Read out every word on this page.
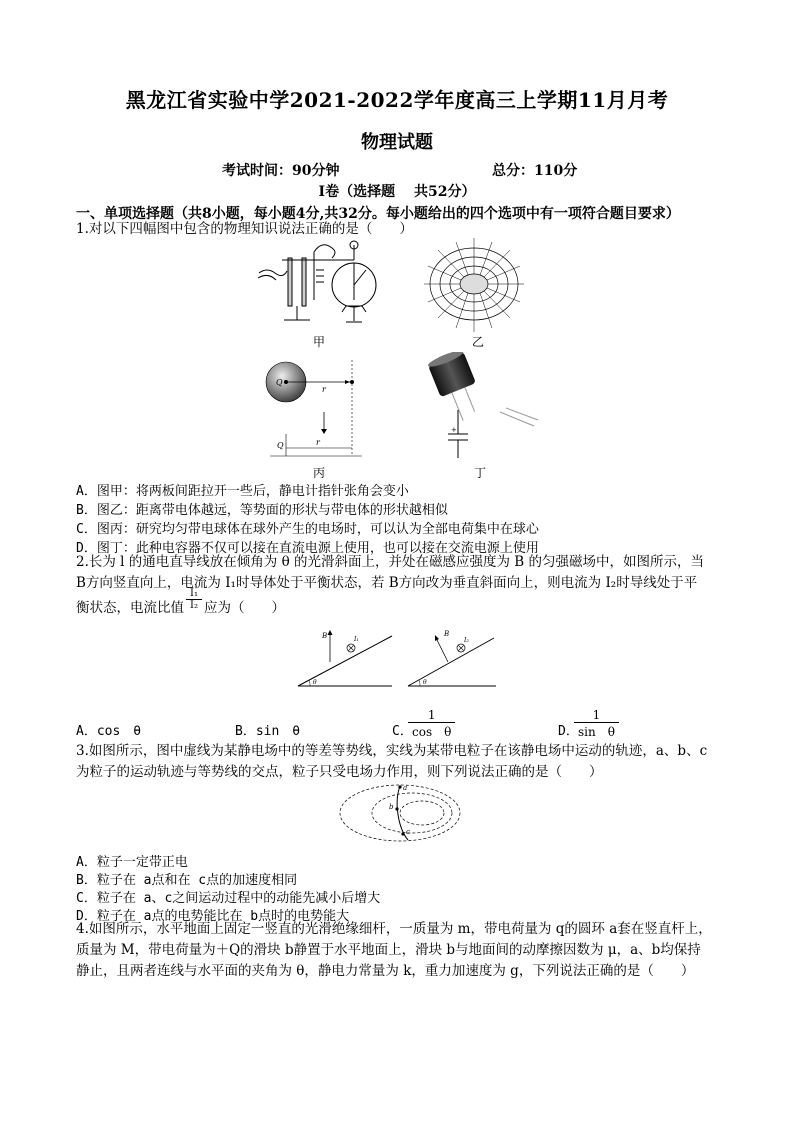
黑龙江省实验中学2021-2022学年度高三上学期11月月考
物理试题
考试时间：90分钟	总分：110分
I卷（选择题　 共52分）
一、单项选择题（共8小题，每小题4分,共32分。每小题给出的四个选项中有一项符合题目要求）
1.对以下四幅图中包含的物理知识说法正确的是（　　）
甲	乙
Q
r
Q	r
丙
+
丁
A．图甲：将两板间距拉开一些后，静电计指针张角会变小
B．图乙：距离带电体越远，等势面的形状与带电体的形状越相似
C．图丙：研究均匀带电球体在球外产生的电场时，可以认为全部电荷集中在球心
D．图丁：此种电容器不仅可以接在直流电源上使用，也可以接在交流电源上使用
2.长为 l 的通电直导线放在倾角为 θ 的光滑斜面上，并处在磁感应强度为 B 的匀强磁场中，如图所示，当
B方向竖直向上，电流为 I₁时导体处于平衡状态，若 B方向改为垂直斜面向上，则电流为 I₂时导线处于平
衡状态，电流比值 $\frac{\text{I₁}}{\text{I₂}}$ 应为（　　）
B	I₁
θ
B
I₂
θ
A．cos　θ	B．sin　θ	C．
$\frac{1}{\text{cos　θ}}$	D．
$\frac{1}{\text{sin　θ}}$
3.如图所示，图中虚线为某静电场中的等差等势线，实线为某带电粒子在该静电场中运动的轨迹，a、b、c
为粒子的运动轨迹与等势线的交点，粒子只受电场力作用，则下列说法正确的是（　　）
a
b
c
A．粒子一定带正电
B．粒子在 a点和在 c点的加速度相同
C．粒子在 a、c之间运动过程中的动能先减小后增大
D．粒子在 a点的电势能比在 b点时的电势能大
4.如图所示，水平地面上固定一竖直的光滑绝缘细杆，一质量为 m，带电荷量为 q的圆环 a套在竖直杆上，
质量为 M，带电荷量为＋Q的滑块 b静置于水平地面上，滑块 b与地面间的动摩擦因数为 μ，a、b均保持
静止，且两者连线与水平面的夹角为 θ，静电力常量为 k，重力加速度为 g，下列说法正确的是（　　）
